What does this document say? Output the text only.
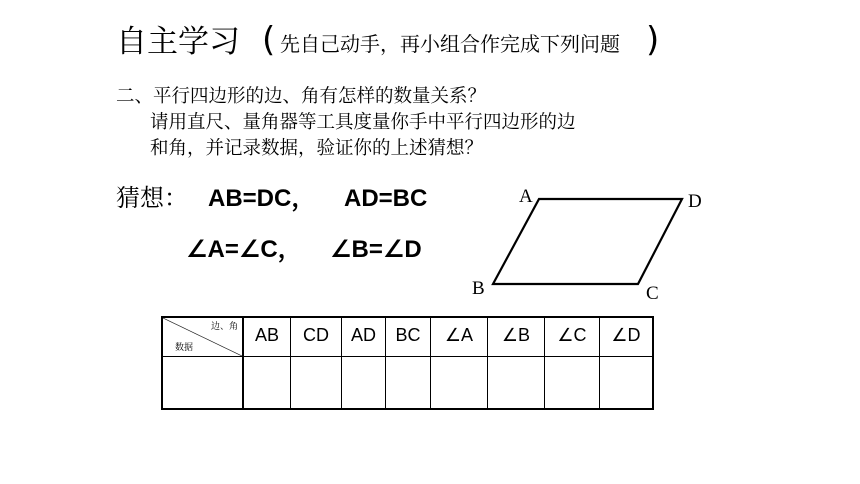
自主学习 ( 先自己动手，再小组合作完成下列问题 )
二、平行四边形的边、角有怎样的数量关系？
请用直尺、量角器等工具度量你手中平行四边形的边
和角，并记录数据，验证你的上述猜想？
猜想： AB=DC， AD=BC
∠A=∠C， ∠B=∠D
A
B	C
D
边、角
数据	AB	CD	AD	BC	∠A	∠B	∠C	∠D
